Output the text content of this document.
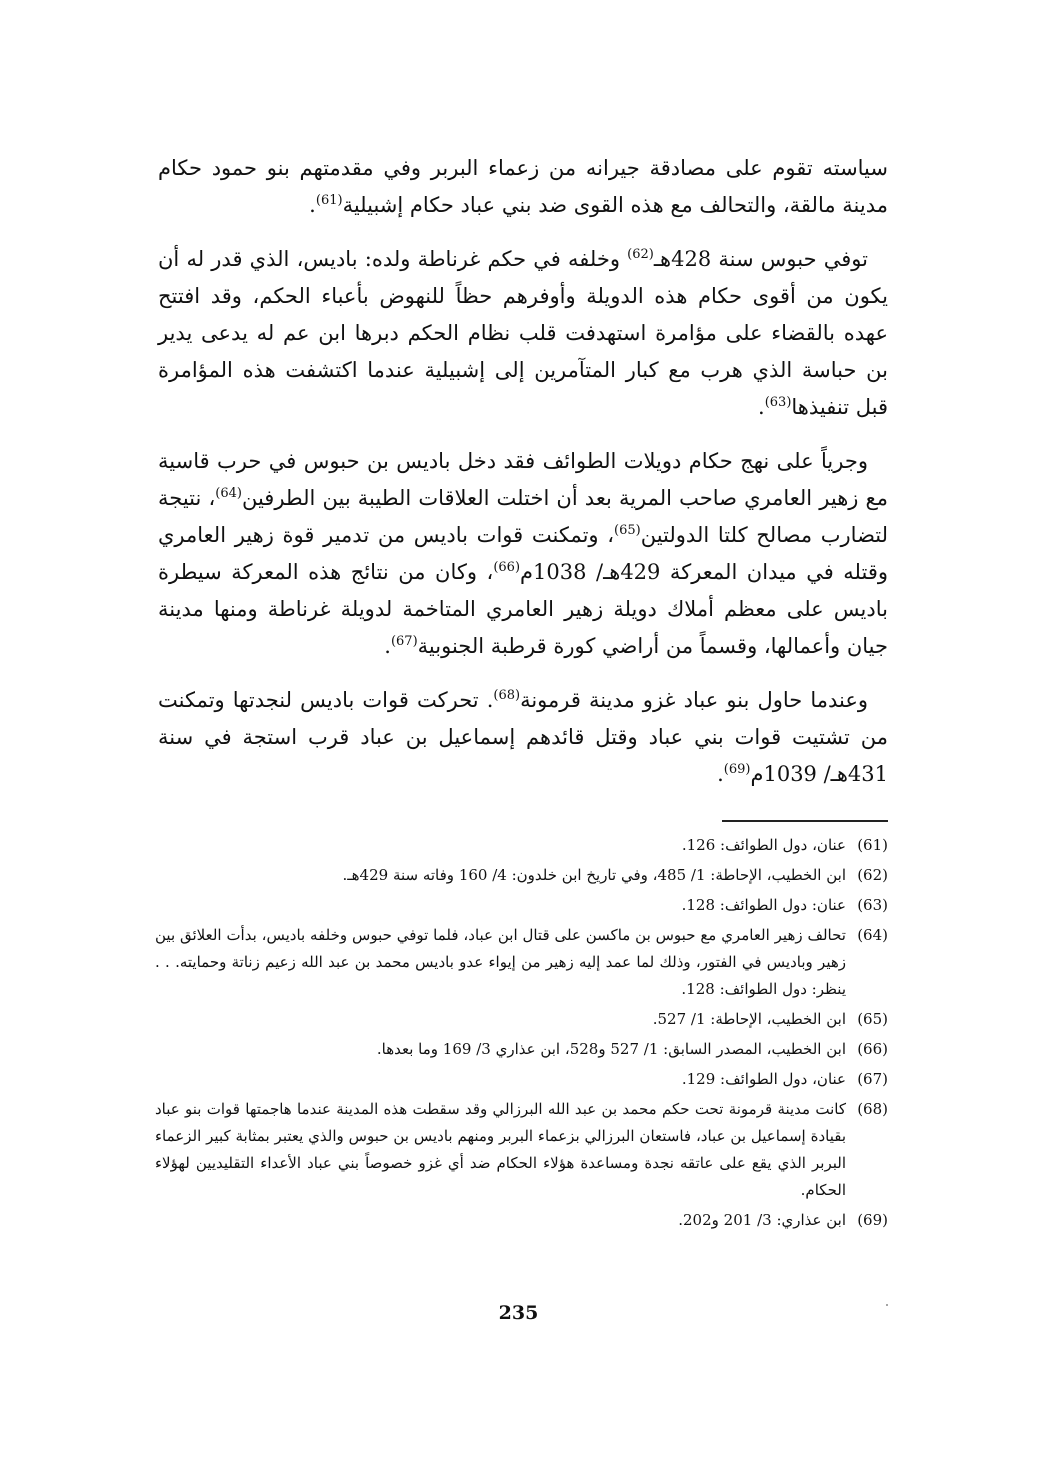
سياسته تقوم على مصادقة جيرانه من زعماء البربر وفي مقدمتهم بنو حمود حكام مدينة مالقة، والتحالف مع هذه القوى ضد بني عباد حكام إشبيلية$^{(61)}$.

توفي حبوس سنة 428هـ$^{(62)}$ وخلفه في حكم غرناطة ولده: باديس، الذي قدر له أن يكون من أقوى حكام هذه الدويلة وأوفرهم حظاً للنهوض بأعباء الحكم، وقد افتتح عهده بالقضاء على مؤامرة استهدفت قلب نظام الحكم دبرها ابن عم له يدعى يدير بن حباسة الذي هرب مع كبار المتآمرين إلى إشبيلية عندما اكتشفت هذه المؤامرة قبل تنفيذها$^{(63)}$.

وجرياً على نهج حكام دويلات الطوائف فقد دخل باديس بن حبوس في حرب قاسية مع زهير العامري صاحب المرية بعد أن اختلت العلاقات الطيبة بين الطرفين$^{(64)}$، نتيجة لتضارب مصالح كلتا الدولتين$^{(65)}$، وتمكنت قوات باديس من تدمير قوة زهير العامري وقتله في ميدان المعركة 429هـ/ 1038م$^{(66)}$، وكان من نتائج هذه المعركة سيطرة باديس على معظم أملاك دويلة زهير العامري المتاخمة لدويلة غرناطة ومنها مدينة جيان وأعمالها، وقسماً من أراضي كورة قرطبة الجنوبية$^{(67)}$.

وعندما حاول بنو عباد غزو مدينة قرمونة$^{(68)}$. تحركت قوات باديس لنجدتها وتمكنت من تشتيت قوات بني عباد وقتل قائدهم إسماعيل بن عباد قرب استجة في سنة 431هـ/ 1039م$^{(69)}$.

(61)
عنان، دول الطوائف: 126.
(62)
ابن الخطيب، الإحاطة: 1/ 485، وفي تاريخ ابن خلدون: 4/ 160 وفاته سنة 429هـ.
(63)
عنان: دول الطوائف: 128.
(64)
تحالف زهير العامري مع حبوس بن ماكسن على قتال ابن عباد، فلما توفي حبوس وخلفه باديس، بدأت العلائق بين زهير وباديس في الفتور، وذلك لما عمد إليه زهير من إيواء عدو باديس محمد بن عبد الله زعيم زناتة وحمايته. . . ينظر: دول الطوائف: 128.
(65)
ابن الخطيب، الإحاطة: 1/ 527.
(66)
ابن الخطيب، المصدر السابق: 1/ 527 و528، ابن عذاري 3/ 169 وما بعدها.
(67)
عنان، دول الطوائف: 129.
(68)
كانت مدينة قرمونة تحت حكم محمد بن عبد الله البرزالي وقد سقطت هذه المدينة عندما هاجمتها قوات بنو عباد بقيادة إسماعيل بن عباد، فاستعان البرزالي بزعماء البربر ومنهم باديس بن حبوس والذي يعتبر بمثابة كبير الزعماء البربر الذي يقع على عاتقه نجدة ومساعدة هؤلاء الحكام ضد أي غزو خصوصاً بني عباد الأعداء التقليديين لهؤلاء الحكام.
(69)
ابن عذاري: 3/ 201 و202.
235
